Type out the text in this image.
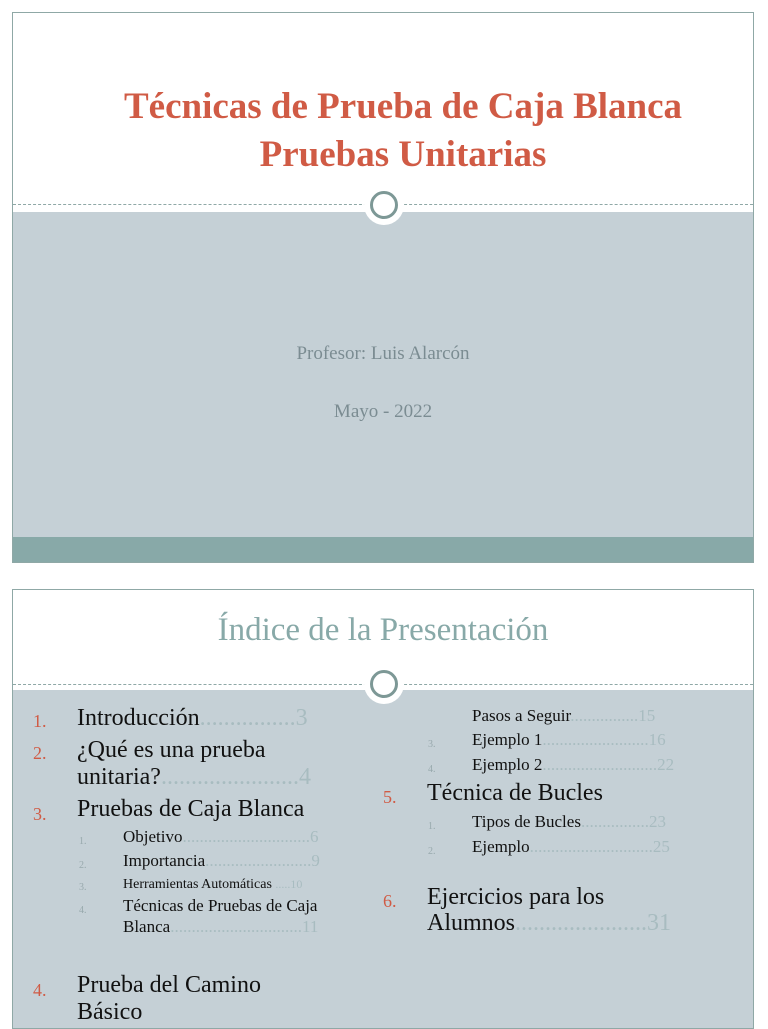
Técnicas de Prueba de Caja Blanca
Pruebas Unitarias
Profesor: Luis Alarcón
Mayo - 2022
Índice de la Presentación
1. Introducción................3
2. ¿Qué es una prueba
unitaria?.......................4
3. Pruebas de Caja Blanca
1. Objetivo..............................6
2. Importancia.........................9
3.	Herramientas Automáticas .....10
4. Técnicas de Pruebas de Caja
Blanca...............................11
4. Prueba del Camino
Básico
Pasos a Seguir................15
3. Ejemplo 1.........................16
4. Ejemplo 2...........................22
5. Técnica de Bucles
1. Tipos de Bucles................23
2. Ejemplo.............................25
6. Ejercicios para los
Alumnos......................31
